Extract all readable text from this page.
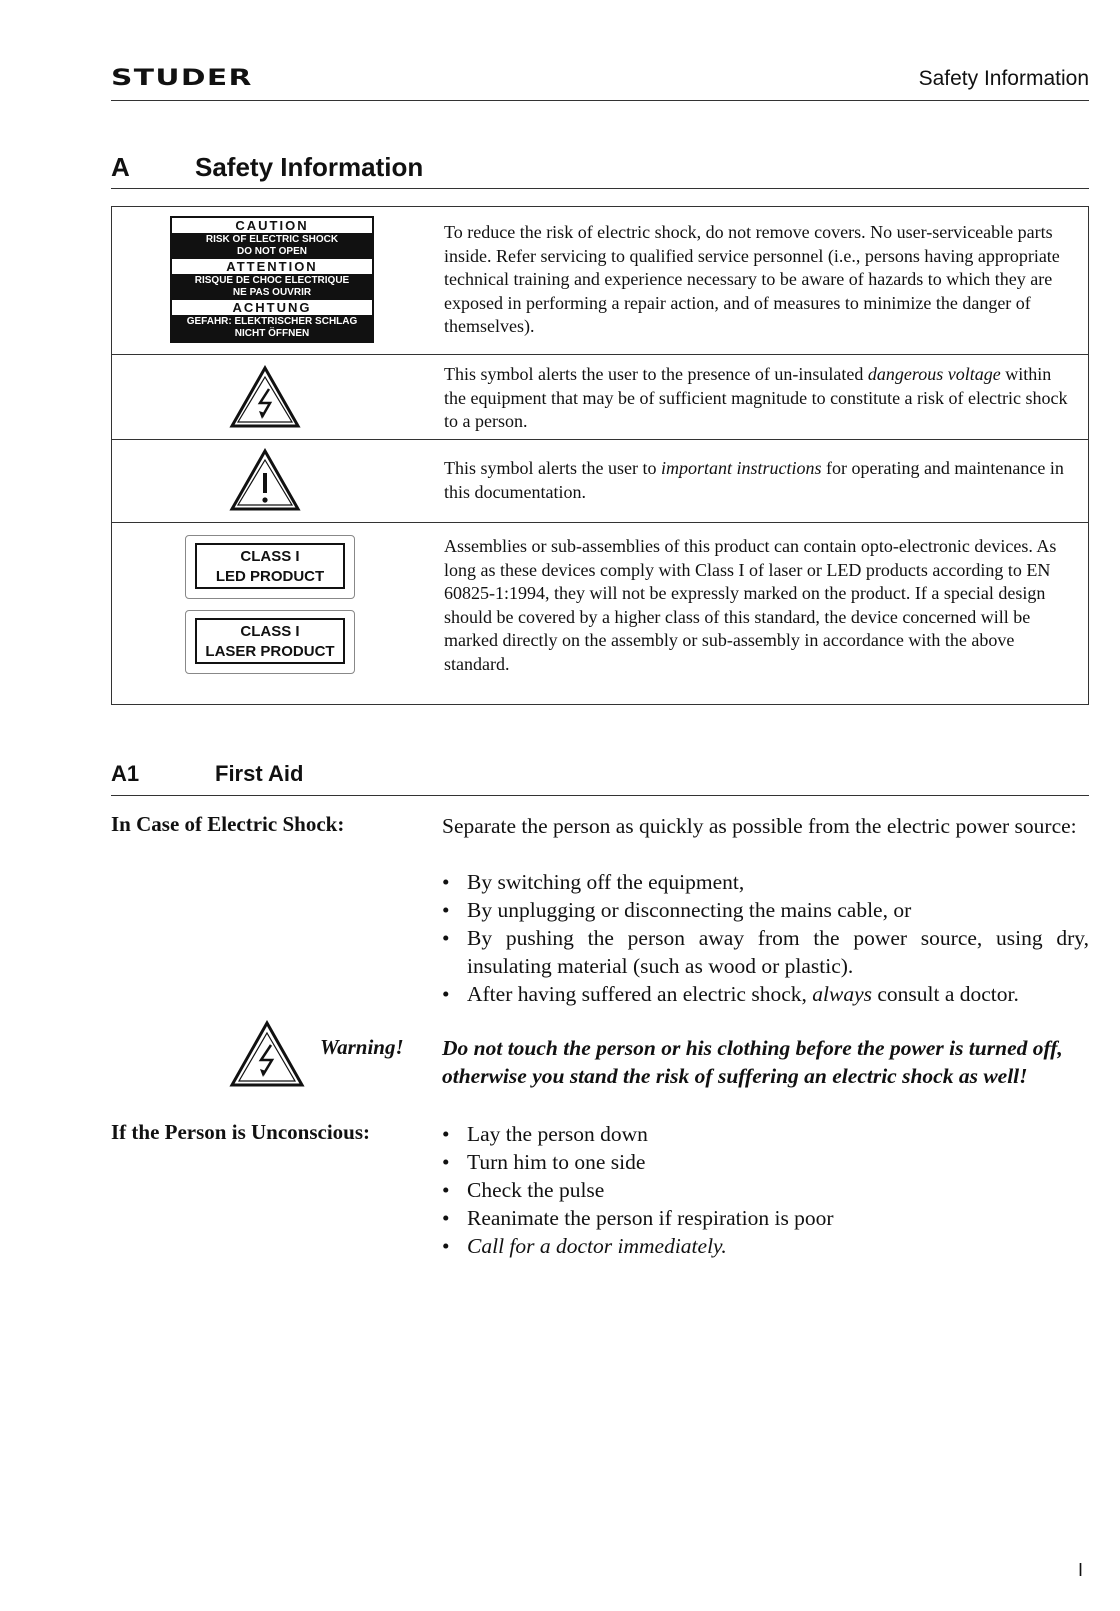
STUDER	Safety Information
A	Safety Information
CAUTION
RISK OF ELECTRIC SHOCK
DO NOT OPEN
ATTENTION
RISQUE DE CHOC ELECTRIQUE
NE PAS OUVRIR
ACHTUNG
GEFAHR: ELEKTRISCHER SCHLAG
NICHT ÖFFNEN
To reduce the risk of electric shock, do not remove covers. No user-serviceable parts inside. Refer servicing to qualified service personnel (i.e., persons having appropriate technical training and experience necessary to be aware of hazards to which they are exposed in performing a repair action, and of measures to minimize the danger of themselves).
This symbol alerts the user to the presence of un-insulated dangerous voltage within the equipment that may be of sufficient magnitude to constitute a risk of electric shock to a person.
This symbol alerts the user to important instructions for operating and maintenance in this documentation.
CLASS I
LED PRODUCT
CLASS I
LASER PRODUCT
Assemblies or sub-assemblies of this product can contain opto-electronic devices. As long as these devices comply with Class I of laser or LED products according to EN 60825-1:1994, they will not be expressly marked on the product. If a special design should be covered by a higher class of this standard, the device concerned will be marked directly on the assembly or sub-assembly in accordance with the above standard.
A1	First Aid
In Case of Electric Shock:	Separate the person as quickly as possible from the electric power source:
• By switching off the equipment,
• By unplugging or disconnecting the mains cable, or
• By pushing the person away from the power source, using dry, insulating material (such as wood or plastic).
• After having suffered an electric shock, always consult a doctor.
Warning! Do not touch the person or his clothing before the power is turned off, otherwise you stand the risk of suffering an electric shock as well!
If the Person is Unconscious:	• Lay the person down
• Turn him to one side
• Check the pulse
• Reanimate the person if respiration is poor
• Call for a doctor immediately.
I
